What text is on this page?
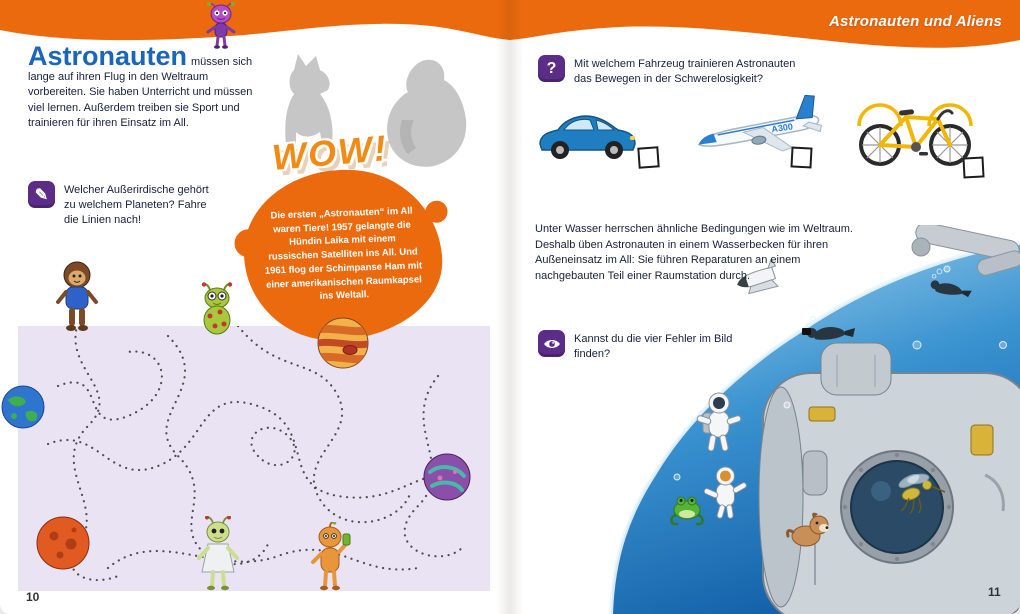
Astronauten und Aliens

Astronauten müssen sich lange auf ihren Flug in den Weltraum vorbereiten. Sie haben Unterricht und müssen viel lernen. Außerdem treiben sie Sport und trainieren für ihren Einsatz im All.

✎ Welcher Außerirdische gehört zu welchem Planeten? Fahre die Linien nach!
WOW!
Die ersten „Astronauten“ im All waren Tiere! 1957 gelangte die Hündin Laika mit einem russischen Satelliten ins All. Und 1961 flog der Schimpanse Ham mit einer amerikanischen Raumkapsel ins Weltall.
10
? Mit welchem Fahrzeug trainieren Astronauten das Bewegen in der Schwerelosigkeit?
A300
Unter Wasser herrschen ähnliche Bedingungen wie im Weltraum. Deshalb üben Astronauten in einem Wasserbecken für ihren Außeneinsatz im All: Sie führen Reparaturen an einem nachgebauten Teil einer Raumstation durch.
Kannst du die vier Fehler im Bild finden?
11
